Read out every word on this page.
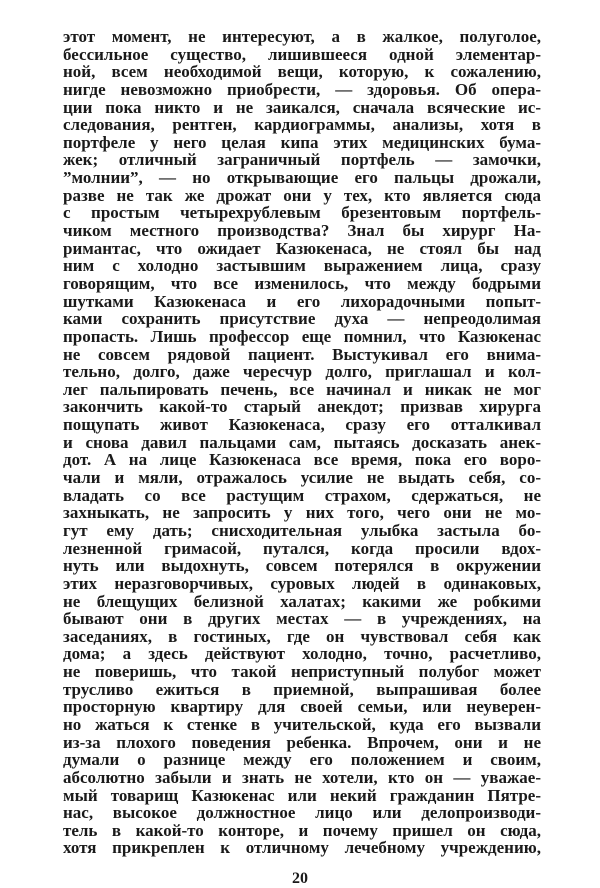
этот момент, не интересуют, а в жалкое, полуголое,
бессильное существо, лишившееся одной элементар-
ной, всем необходимой вещи, которую, к сожалению,
нигде невозможно приобрести, — здоровья. Об опера-
ции пока никто и не заикался, сначала всяческие ис-
следования, рентген, кардиограммы, анализы, хотя в
портфеле у него целая кипа этих медицинских бума-
жек; отличный заграничный портфель — замочки,
”молнии”, — но открывающие его пальцы дрожали,
разве не так же дрожат они у тех, кто является сюда
с простым четырехрублевым брезентовым портфель-
чиком местного производства? Знал бы хирург На-
римантас, что ожидает Казюкенаса, не стоял бы над
ним с холодно застывшим выражением лица, сразу
говорящим, что все изменилось, что между бодрыми
шутками Казюкенаса и его лихорадочными попыт-
ками сохранить присутствие духа — непреодолимая
пропасть. Лишь профессор еще помнил, что Казюкенас
не совсем рядовой пациент. Выстукивал его внима-
тельно, долго, даже чересчур долго, приглашал и кол-
лег пальпировать печень, все начинал и никак не мог
закончить какой-то старый анекдот; призвав хирурга
пощупать живот Казюкенаса, сразу его отталкивал
и снова давил пальцами сам, пытаясь досказать анек-
дот. А на лице Казюкенаса все время, пока его воро-
чали и мяли, отражалось усилие не выдать себя, со-
владать со все растущим страхом, сдержаться, не
захныкать, не запросить у них того, чего они не мо-
гут ему дать; снисходительная улыбка застыла бо-
лезненной гримасой, путался, когда просили вдох-
нуть или выдохнуть, совсем потерялся в окружении
этих неразговорчивых, суровых людей в одинаковых,
не блещущих белизной халатах; какими же робкими
бывают они в других местах — в учреждениях, на
заседаниях, в гостиных, где он чувствовал себя как
дома; а здесь действуют холодно, точно, расчетливо,
не поверишь, что такой неприступный полубог может
трусливо ежиться в приемной, выпрашивая более
просторную квартиру для своей семьи, или неуверен-
но жаться к стенке в учительской, куда его вызвали
из-за плохого поведения ребенка. Впрочем, они и не
думали о разнице между его положением и своим,
абсолютно забыли и знать не хотели, кто он — уважае-
мый товарищ Казюкенас или некий гражданин Пятре-
нас, высокое должностное лицо или делопроизводи-
тель в какой-то конторе, и почему пришел он сюда,
хотя прикреплен к отличному лечебному учреждению,
20
